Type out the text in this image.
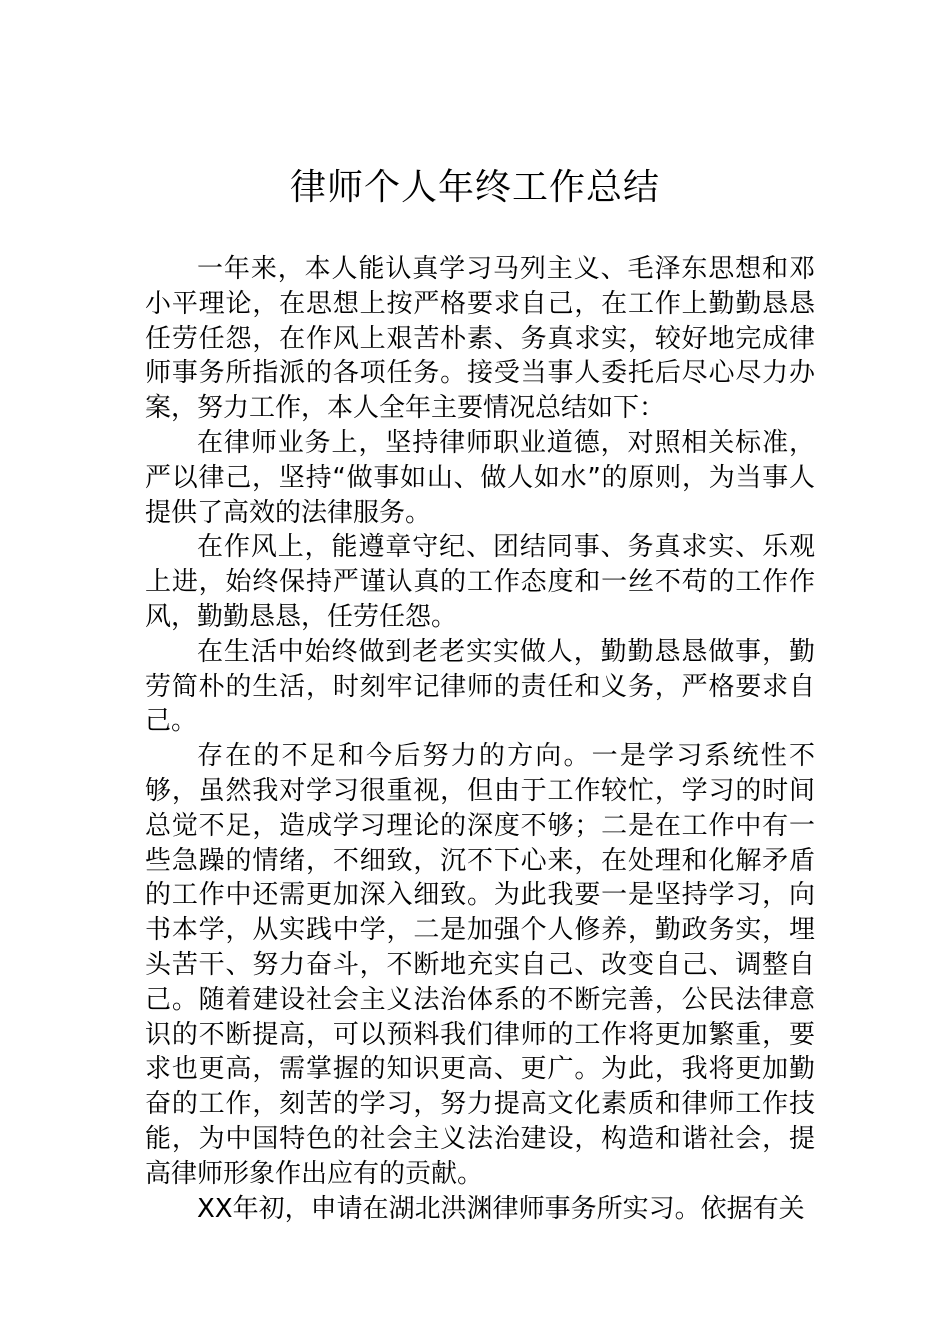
律师个人年终工作总结

一年来，本人能认真学习马列主义、毛泽东思想和邓小平理论，在思想上按严格要求自己，在工作上勤勤恳恳任劳任怨，在作风上艰苦朴素、务真求实，较好地完成律师事务所指派的各项任务。接受当事人委托后尽心尽力办案，努力工作，本人全年主要情况总结如下：

在律师业务上，坚持律师职业道德，对照相关标准，严以律己，坚持“做事如山、做人如水”的原则，为当事人提供了高效的法律服务。

在作风上，能遵章守纪、团结同事、务真求实、乐观上进，始终保持严谨认真的工作态度和一丝不苟的工作作风，勤勤恳恳，任劳任怨。

在生活中始终做到老老实实做人，勤勤恳恳做事，勤劳简朴的生活，时刻牢记律师的责任和义务，严格要求自己。

存在的不足和今后努力的方向。一是学习系统性不够，虽然我对学习很重视，但由于工作较忙，学习的时间总觉不足，造成学习理论的深度不够；二是在工作中有一些急躁的情绪，不细致，沉不下心来，在处理和化解矛盾的工作中还需更加深入细致。为此我要一是坚持学习，向书本学，从实践中学，二是加强个人修养，勤政务实，埋头苦干、努力奋斗，不断地充实自己、改变自己、调整自己。随着建设社会主义法治体系的不断完善，公民法律意识的不断提高，可以预料我们律师的工作将更加繁重，要求也更高，需掌握的知识更高、更广。为此，我将更加勤奋的工作，刻苦的学习，努力提高文化素质和律师工作技能，为中国特色的社会主义法治建设，构造和谐社会，提高律师形象作出应有的贡献。

XX年初，申请在湖北洪渊律师事务所实习。依据有关
